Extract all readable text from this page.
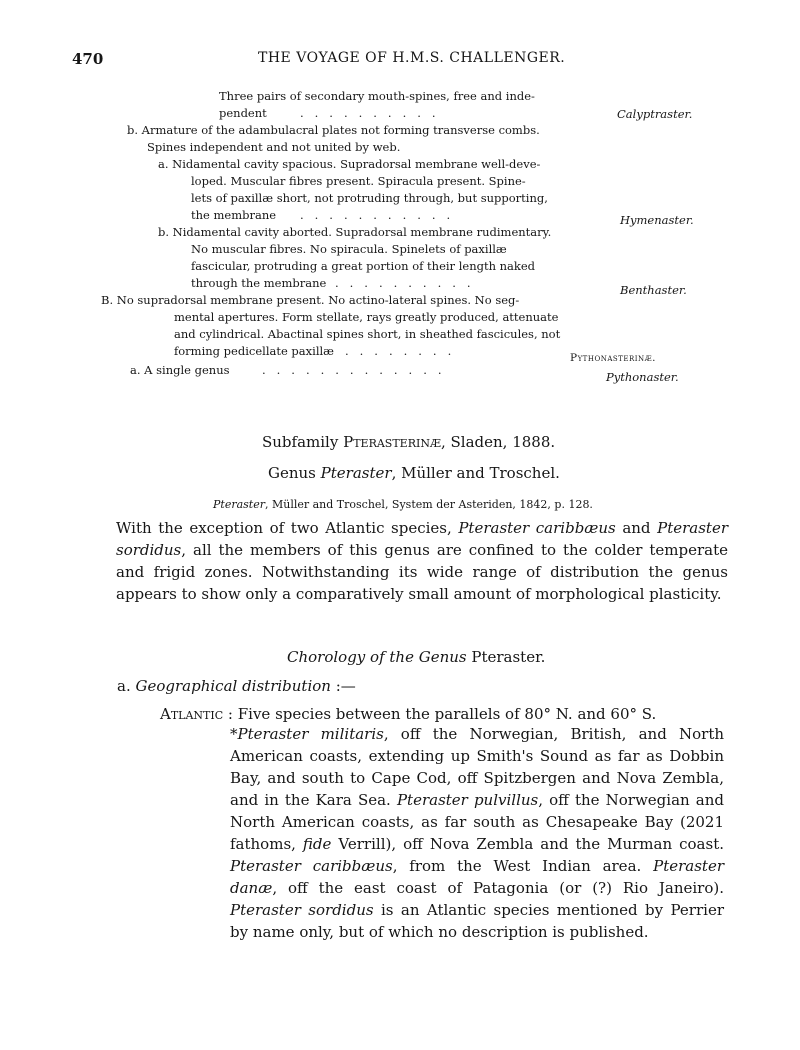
470	THE VOYAGE OF H.M.S. CHALLENGER.
Three pairs of secondary mouth-spines, free and inde-
pendent	..........	Calyptraster.
b. Armature of the adambulacral plates not forming transverse combs.
Spines independent and not united by web.
a. Nidamental cavity spacious. Supradorsal membrane well-deve-
loped. Muscular fibres present. Spiracula present. Spine-
lets of paxillæ short, not protruding through, but supporting,
the membrane ...........	Hymenaster.
b. Nidamental cavity aborted. Supradorsal membrane rudimentary.
No muscular fibres. No spiracula. Spinelets of paxillæ
fascicular, protruding a great portion of their length naked
through the membrane ..........	Benthaster.
B. No supradorsal membrane present. No actino-lateral spines. No seg-
mental apertures. Form stellate, rays greatly produced, attenuate
and cylindrical. Abactinal spines short, in sheathed fascicules, not
forming pedicellate paxillæ ........	Pythonasterinæ.
a. A single genus	.............	Pythonaster.
Subfamily Pterasterinæ, Sladen, 1888.
Genus Pteraster, Müller and Troschel.
Pteraster, Müller and Troschel, System der Asteriden, 1842, p. 128.
With the exception of two Atlantic species, Pteraster caribbæus and Pteraster sordidus, all the members of this genus are confined to the colder temperate and frigid zones. Notwithstanding its wide range of distribution the genus appears to show only a comparatively small amount of morphological plasticity.
Chorology of the Genus Pteraster.
a. Geographical distribution :—
Atlantic : Five species between the parallels of 80° N. and 60° S.
*Pteraster militaris, off the Norwegian, British, and North American coasts, extending up Smith's Sound as far as Dobbin Bay, and south to Cape Cod, off Spitzbergen and Nova Zembla, and in the Kara Sea. Pteraster pulvillus, off the Norwegian and North American coasts, as far south as Chesapeake Bay (2021 fathoms, fide Verrill), off Nova Zembla and the Murman coast. Pteraster caribbæus, from the West Indian area. Pteraster danæ, off the east coast of Patagonia (or (?) Rio Janeiro). Pteraster sordidus is an Atlantic species mentioned by Perrier by name only, but of which no description is published.
